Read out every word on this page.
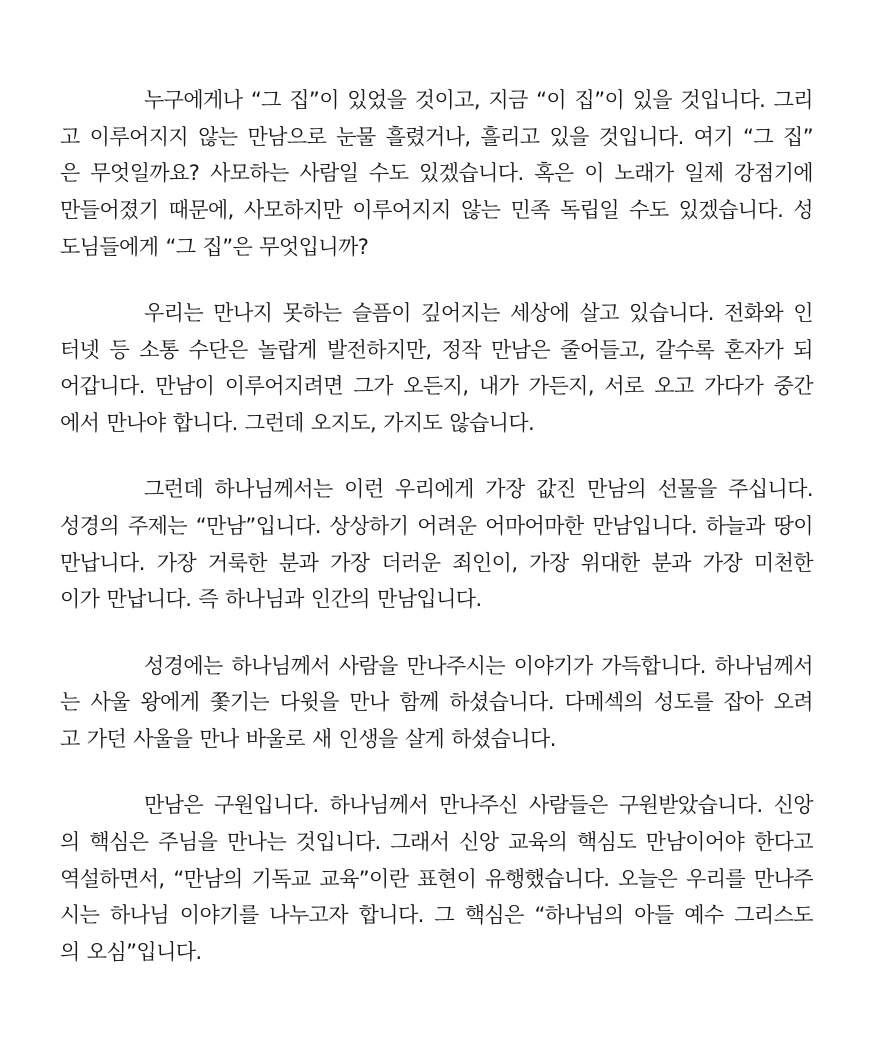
누구에게나 “그 집”이 있었을 것이고, 지금 “이 집”이 있을 것입니다. 그리
고 이루어지지 않는 만남으로 눈물 흘렸거나, 흘리고 있을 것입니다. 여기 “그 집”
은 무엇일까요? 사모하는 사람일 수도 있겠습니다. 혹은 이 노래가 일제 강점기에
만들어졌기 때문에, 사모하지만 이루어지지 않는 민족 독립일 수도 있겠습니다. 성
도님들에게 “그 집”은 무엇입니까?

우리는 만나지 못하는 슬픔이 깊어지는 세상에 살고 있습니다. 전화와 인
터넷 등 소통 수단은 놀랍게 발전하지만, 정작 만남은 줄어들고, 갈수록 혼자가 되
어갑니다. 만남이 이루어지려면 그가 오든지, 내가 가든지, 서로 오고 가다가 중간
에서 만나야 합니다. 그런데 오지도, 가지도 않습니다.

그런데 하나님께서는 이런 우리에게 가장 값진 만남의 선물을 주십니다.
성경의 주제는 “만남”입니다. 상상하기 어려운 어마어마한 만남입니다. 하늘과 땅이
만납니다. 가장 거룩한 분과 가장 더러운 죄인이, 가장 위대한 분과 가장 미천한
이가 만납니다. 즉 하나님과 인간의 만남입니다.

성경에는 하나님께서 사람을 만나주시는 이야기가 가득합니다. 하나님께서
는 사울 왕에게 쫓기는 다윗을 만나 함께 하셨습니다. 다메섹의 성도를 잡아 오려
고 가던 사울을 만나 바울로 새 인생을 살게 하셨습니다.

만남은 구원입니다. 하나님께서 만나주신 사람들은 구원받았습니다. 신앙
의 핵심은 주님을 만나는 것입니다. 그래서 신앙 교육의 핵심도 만남이어야 한다고
역설하면서, “만남의 기독교 교육”이란 표현이 유행했습니다. 오늘은 우리를 만나주
시는 하나님 이야기를 나누고자 합니다. 그 핵심은 “하나님의 아들 예수 그리스도
의 오심”입니다.
